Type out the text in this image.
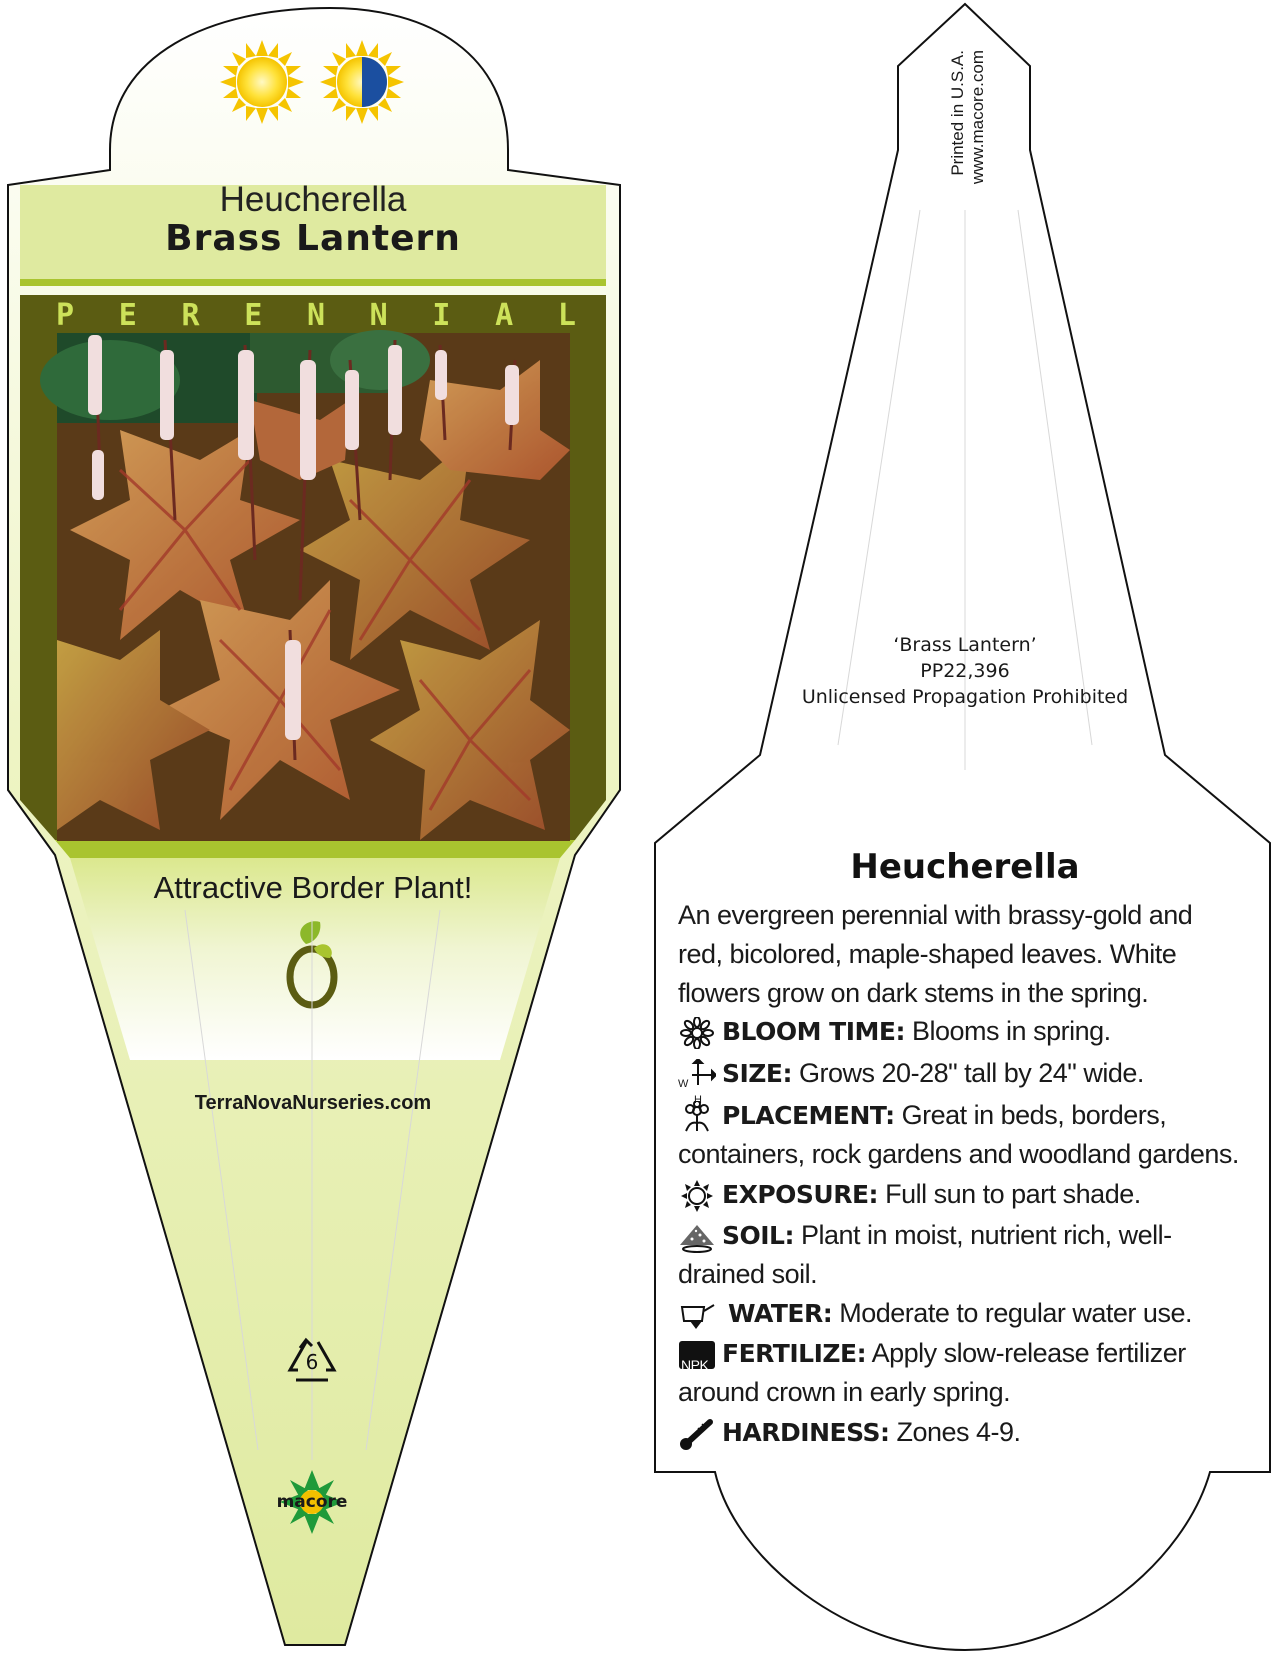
Heucherella
Brass Lantern
P E R E N N I A L
Attractive Border Plant!
TerraNovaNurseries.com
6
macore
Printed in U.S.A. www.macore.com
‘Brass Lantern’
PP22,396
Unlicensed Propagation Prohibited
Heucherella
An evergreen perennial with brassy-gold and red, bicolored, maple-shaped leaves. White flowers grow on dark stems in the spring.
BLOOM TIME: Blooms in spring.
W
H
SIZE: Grows 20-28" tall by 24" wide.
PLACEMENT: Great in beds, borders, containers, rock gardens and woodland gardens.
EXPOSURE: Full sun to part shade.
SOIL: Plant in moist, nutrient rich, well-drained soil.
WATER: Moderate to regular water use.
NPK FERTILIZE: Apply slow-release fertilizer around crown in early spring.
HARDINESS: Zones 4-9.
